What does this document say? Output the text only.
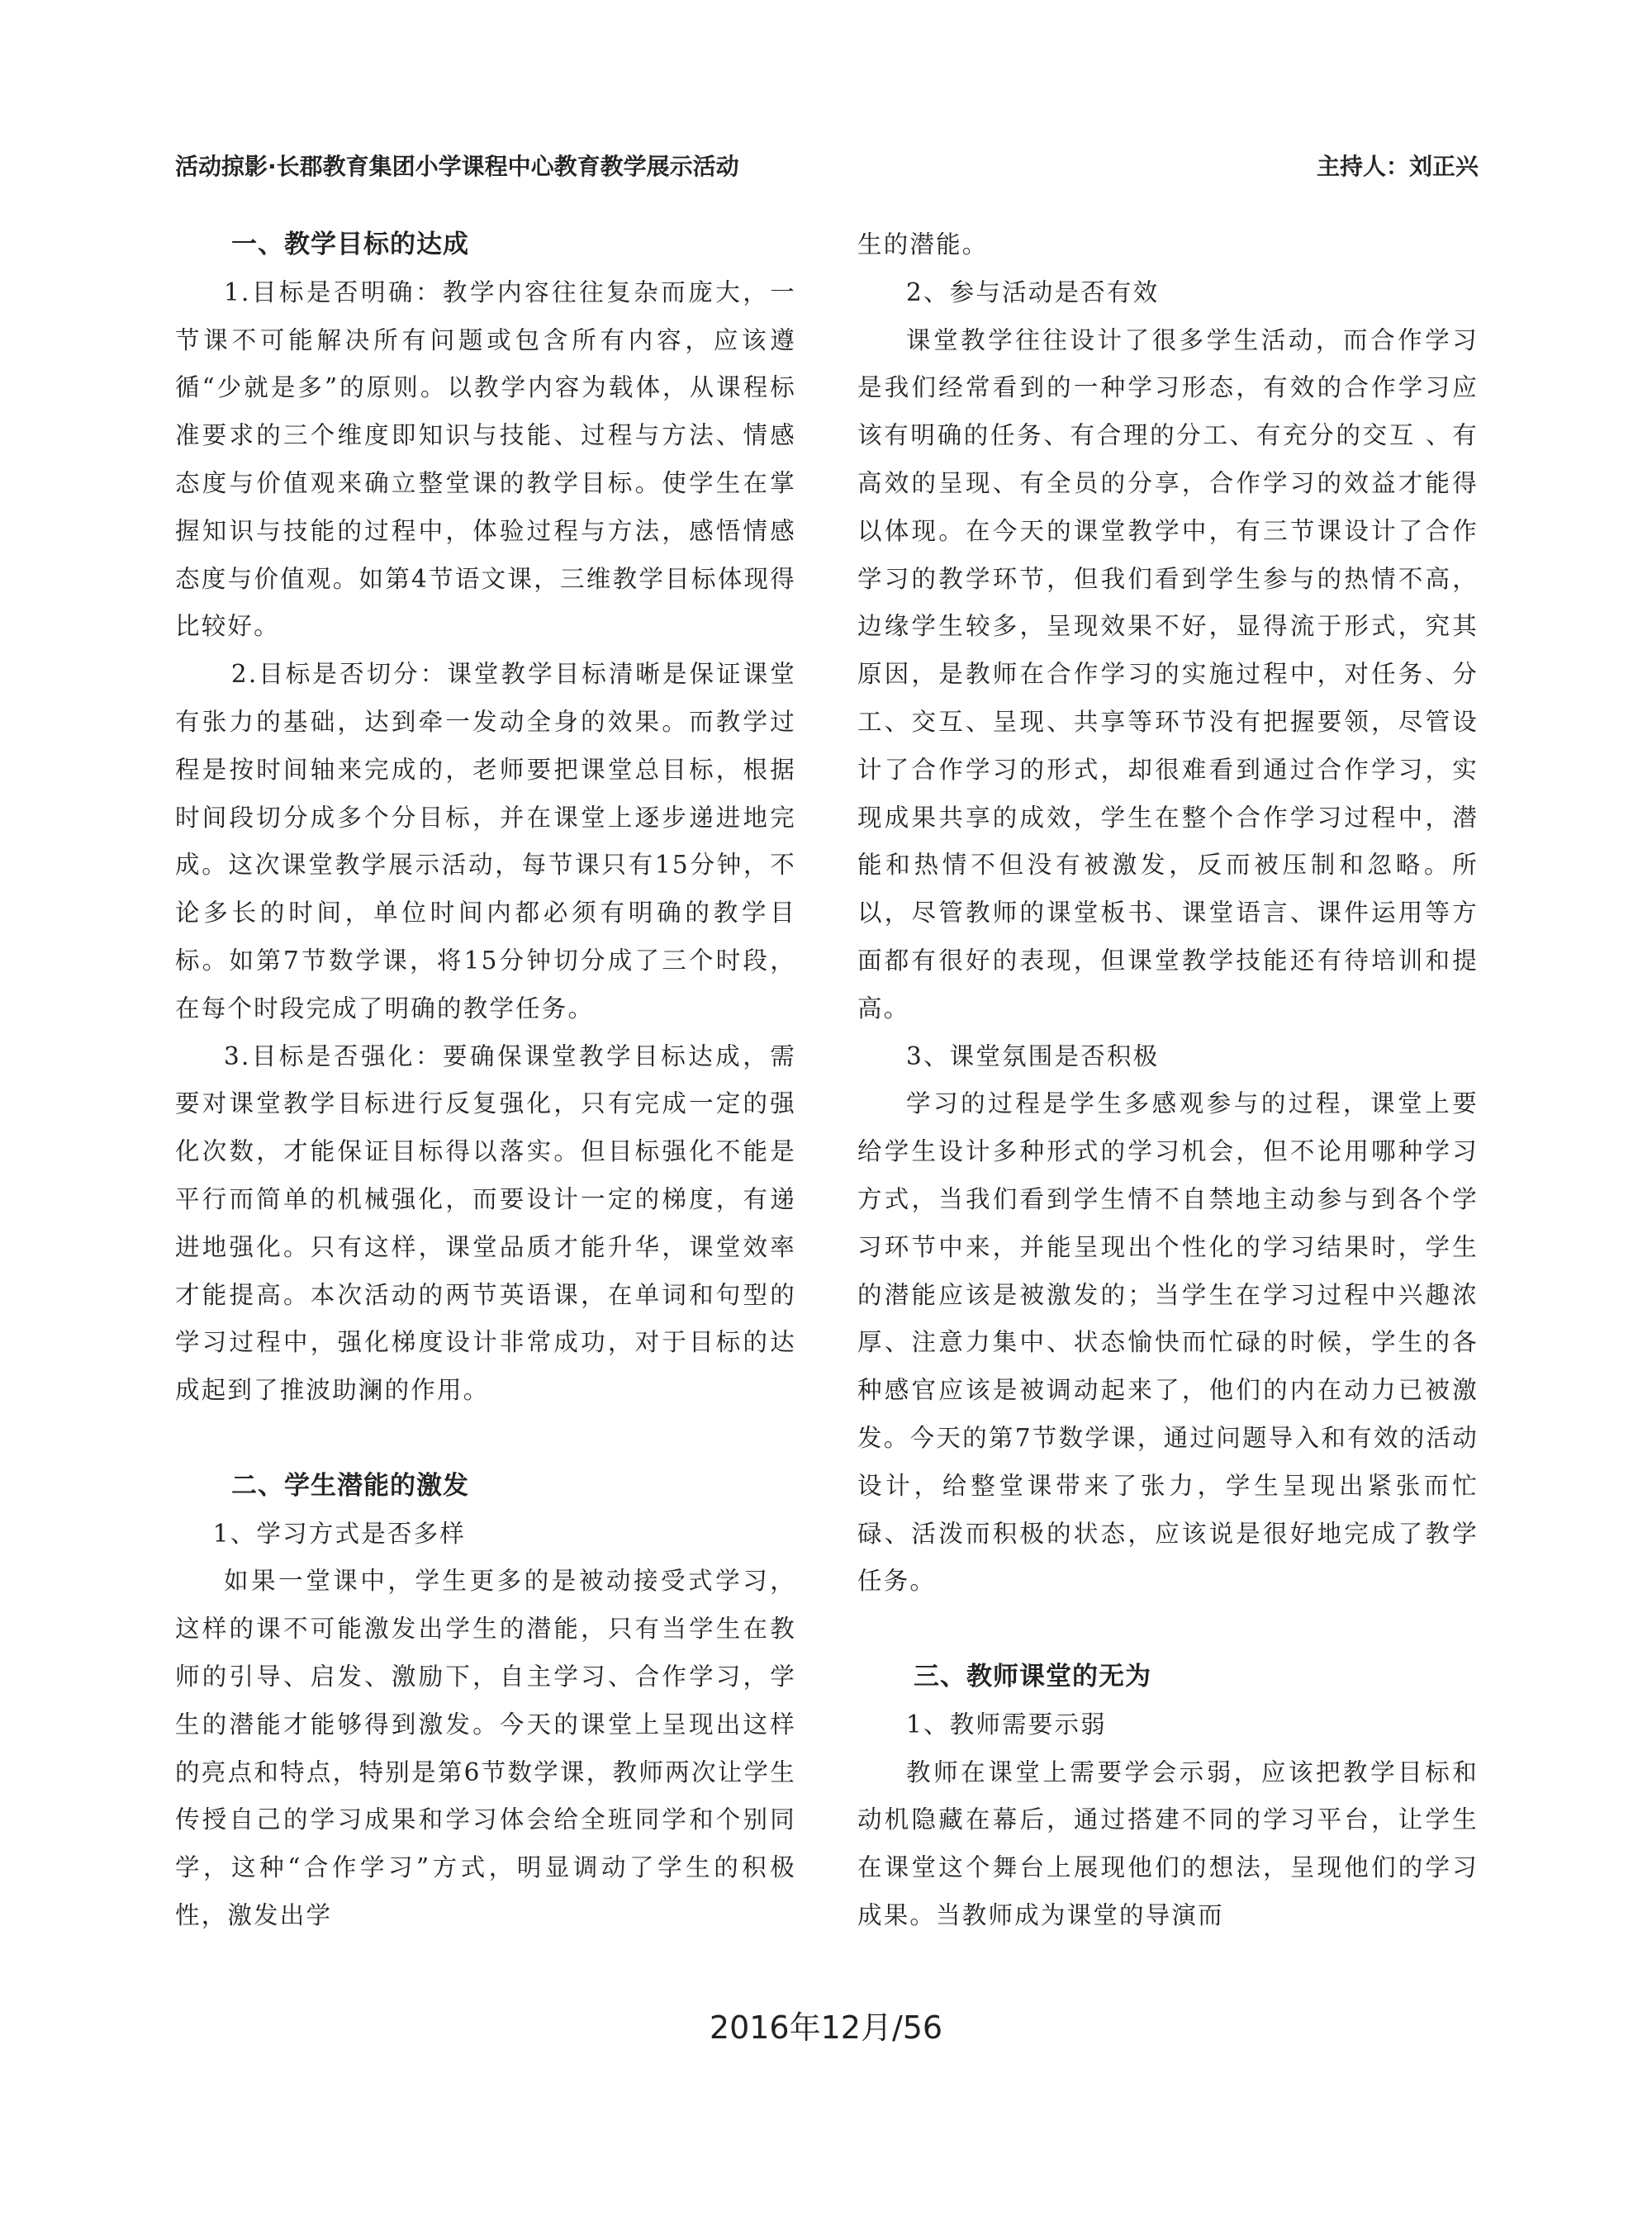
活动掠影·长郡教育集团小学课程中心教育教学展示活动	主持人：刘正兴
一、教学目标的达成

1.目标是否明确：教学内容往往复杂而庞大，一节课不可能解决所有问题或包含所有内容，应该遵循“少就是多”的原则。以教学内容为载体，从课程标准要求的三个维度即知识与技能、过程与方法、情感态度与价值观来确立整堂课的教学目标。使学生在掌握知识与技能的过程中，体验过程与方法，感悟情感态度与价值观。如第4节语文课，三维教学目标体现得比较好。

2.目标是否切分：课堂教学目标清晰是保证课堂有张力的基础，达到牵一发动全身的效果。而教学过程是按时间轴来完成的，老师要把课堂总目标，根据时间段切分成多个分目标，并在课堂上逐步递进地完成。这次课堂教学展示活动，每节课只有15分钟，不论多长的时间，单位时间内都必须有明确的教学目标。如第7节数学课，将15分钟切分成了三个时段，在每个时段完成了明确的教学任务。

3.目标是否强化：要确保课堂教学目标达成，需要对课堂教学目标进行反复强化，只有完成一定的强化次数，才能保证目标得以落实。但目标强化不能是平行而简单的机械强化，而要设计一定的梯度，有递进地强化。只有这样，课堂品质才能升华，课堂效率才能提高。本次活动的两节英语课，在单词和句型的学习过程中，强化梯度设计非常成功，对于目标的达成起到了推波助澜的作用。

二、学生潜能的激发

1、学习方式是否多样

如果一堂课中，学生更多的是被动接受式学习，这样的课不可能激发出学生的潜能，只有当学生在教师的引导、启发、激励下，自主学习、合作学习，学生的潜能才能够得到激发。今天的课堂上呈现出这样的亮点和特点，特别是第6节数学课，教师两次让学生传授自己的学习成果和学习体会给全班同学和个别同学，这种“合作学习”方式，明显调动了学生的积极性，激发出学

生的潜能。

2、参与活动是否有效

课堂教学往往设计了很多学生活动，而合作学习是我们经常看到的一种学习形态，有效的合作学习应该有明确的任务、有合理的分工、有充分的交互 、有高效的呈现、有全员的分享，合作学习的效益才能得以体现。在今天的课堂教学中，有三节课设计了合作学习的教学环节，但我们看到学生参与的热情不高，边缘学生较多，呈现效果不好，显得流于形式，究其原因，是教师在合作学习的实施过程中，对任务、分工、交互、呈现、共享等环节没有把握要领，尽管设计了合作学习的形式，却很难看到通过合作学习，实现成果共享的成效，学生在整个合作学习过程中，潜能和热情不但没有被激发，反而被压制和忽略。所以，尽管教师的课堂板书、课堂语言、课件运用等方面都有很好的表现，但课堂教学技能还有待培训和提高。

3、课堂氛围是否积极

学习的过程是学生多感观参与的过程，课堂上要给学生设计多种形式的学习机会，但不论用哪种学习方式，当我们看到学生情不自禁地主动参与到各个学习环节中来，并能呈现出个性化的学习结果时，学生的潜能应该是被激发的；当学生在学习过程中兴趣浓厚、注意力集中、状态愉快而忙碌的时候，学生的各种感官应该是被调动起来了，他们的内在动力已被激发。今天的第7节数学课，通过问题导入和有效的活动设计，给整堂课带来了张力，学生呈现出紧张而忙碌、活泼而积极的状态，应该说是很好地完成了教学任务。

三、教师课堂的无为

1、教师需要示弱

教师在课堂上需要学会示弱，应该把教学目标和动机隐藏在幕后，通过搭建不同的学习平台，让学生在课堂这个舞台上展现他们的想法，呈现他们的学习成果。当教师成为课堂的导演而

2016年12月/56
